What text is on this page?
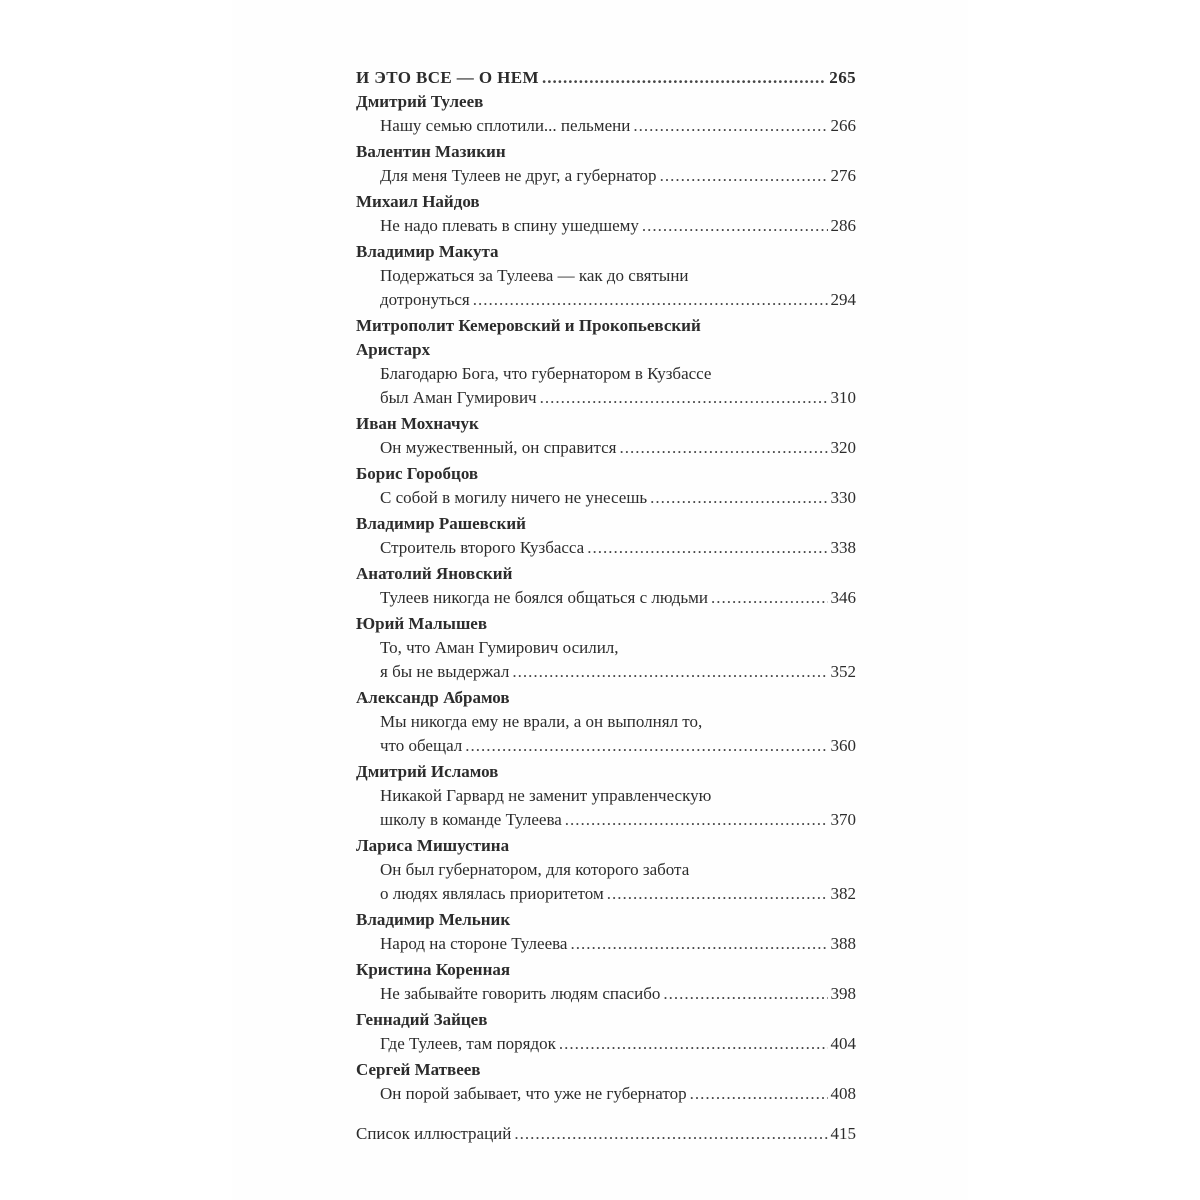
И ЭТО ВСЕ — О НЕМ .....	265
Дмитрий Тулеев
Нашу семью сплотили... пельмени .....	266
Валентин Мазикин
Для меня Тулеев не друг, а губернатор .....	276
Михаил Найдов
Не надо плевать в спину ушедшему .....	286
Владимир Макута
Подержаться за Тулеева — как до святыни
дотронуться .....	294
Митрополит Кемеровский и Прокопьевский
Аристарх
Благодарю Бога, что губернатором в Кузбассе
был Аман Гумирович .....	310
Иван Мохначук
Он мужественный, он справится .....	320
Борис Горобцов
С собой в могилу ничего не унесешь .....	330
Владимир Рашевский
Строитель второго Кузбасса .....	338
Анатолий Яновский
Тулеев никогда не боялся общаться с людьми .....	346
Юрий Малышев
То, что Аман Гумирович осилил,
я бы не выдержал .....	352
Александр Абрамов
Мы никогда ему не врали, а он выполнял то,
что обещал .....	360
Дмитрий Исламов
Никакой Гарвард не заменит управленческую
школу в команде Тулеева .....	370
Лариса Мишустина
Он был губернатором, для которого забота
о людях являлась приоритетом .....	382
Владимир Мельник
Народ на стороне Тулеева .....	388
Кристина Коренная
Не забывайте говорить людям спасибо .....	398
Геннадий Зайцев
Где Тулеев, там порядок .....	404
Сергей Матвеев
Он порой забывает, что уже не губернатор .....	408
Список иллюстраций .....	415
